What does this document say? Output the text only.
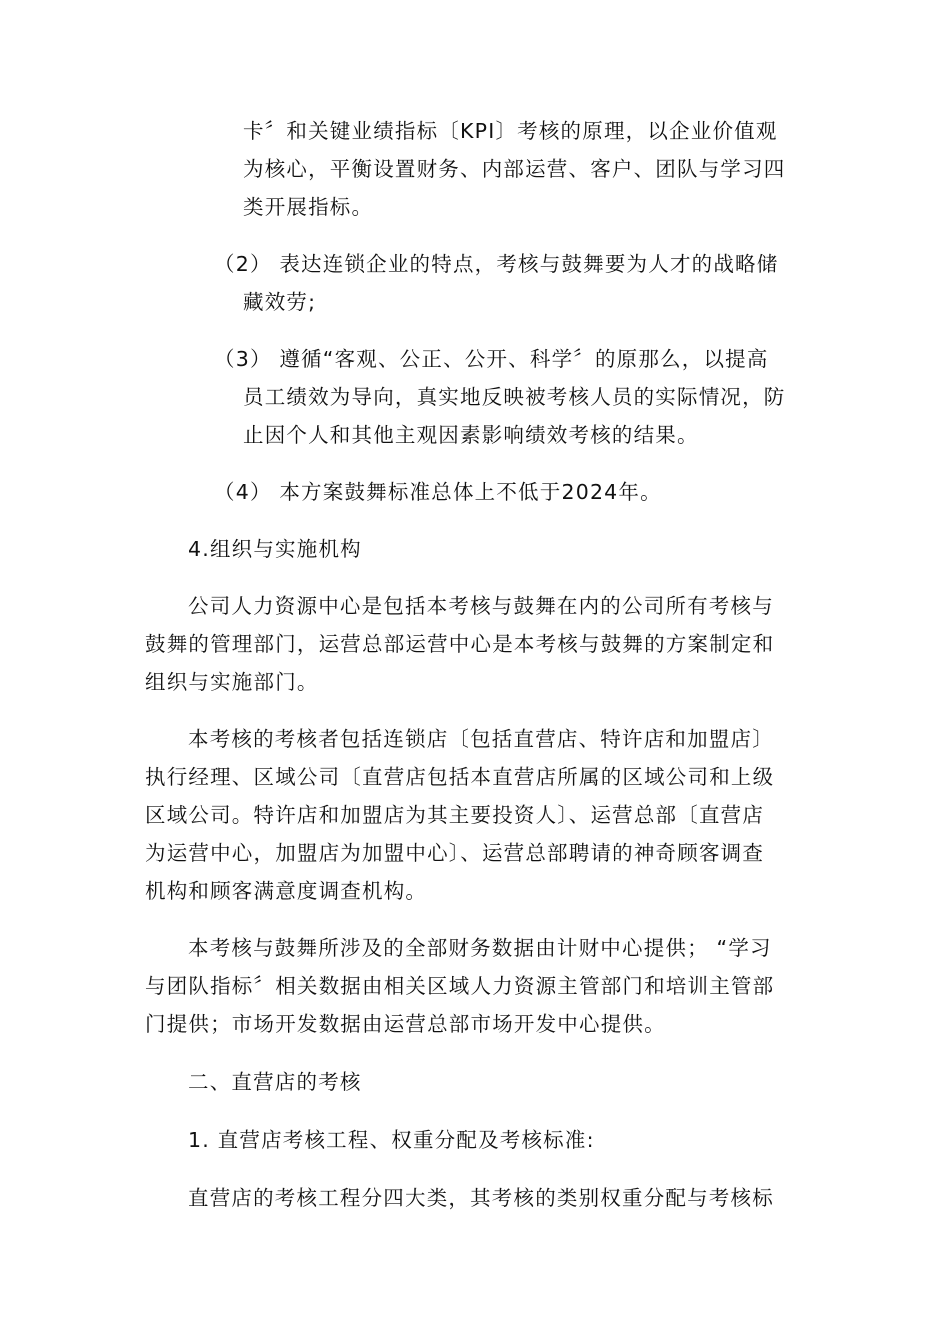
卡〞和关键业绩指标〔KPI〕考核的原理，以企业价值观
为核心，平衡设置财务、内部运营、客户、团队与学习四
类开展指标。
（2） 表达连锁企业的特点，考核与鼓舞要为人才的战略储
藏效劳;
（3） 遵循“客观、公正、公开、科学〞的原那么，以提高
员工绩效为导向，真实地反映被考核人员的实际情况，防
止因个人和其他主观因素影响绩效考核的结果。
（4） 本方案鼓舞标准总体上不低于2024年。
4.组织与实施机构
公司人力资源中心是包括本考核与鼓舞在内的公司所有考核与
鼓舞的管理部门，运营总部运营中心是本考核与鼓舞的方案制定和
组织与实施部门。
本考核的考核者包括连锁店〔包括直营店、特许店和加盟店〕
执行经理、区域公司〔直营店包括本直营店所属的区域公司和上级
区域公司。特许店和加盟店为其主要投资人〕、运营总部〔直营店
为运营中心，加盟店为加盟中心〕、运营总部聘请的神奇顾客调查
机构和顾客满意度调查机构。
本考核与鼓舞所涉及的全部财务数据由计财中心提供； “学习
与团队指标〞相关数据由相关区域人力资源主管部门和培训主管部
门提供；市场开发数据由运营总部市场开发中心提供。
二、直营店的考核
1. 直营店考核工程、权重分配及考核标准:
直营店的考核工程分四大类，其考核的类别权重分配与考核标
